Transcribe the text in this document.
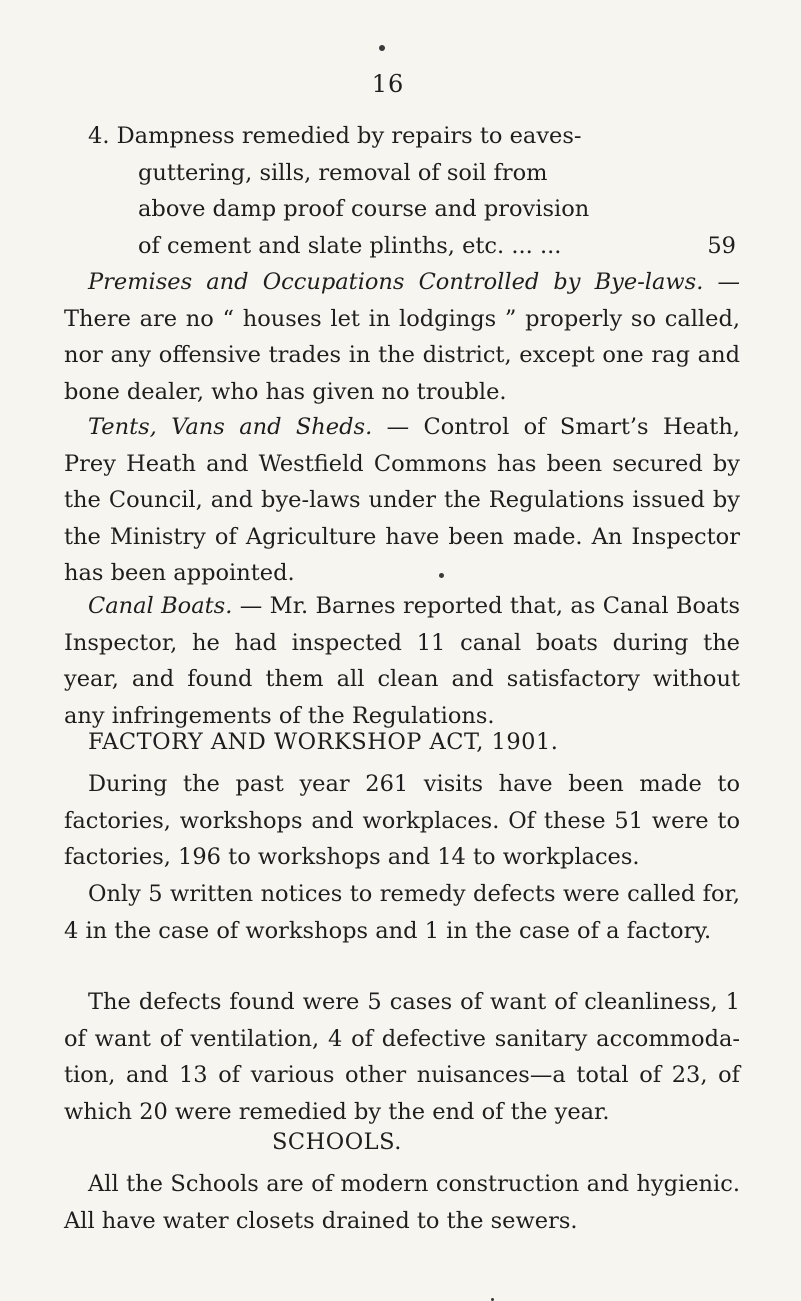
16
4. Dampness remedied by repairs to eaves-
guttering, sills, removal of soil from
above damp proof course and provision
of cement and slate plinths, etc. ... ...	59
Premises and Occupations Controlled by Bye-laws. — There are no “ houses let in lodgings ” properly so called, nor any offensive trades in the district, except one rag and bone dealer, who has given no trouble.
Tents, Vans and Sheds. — Control of Smart’s Heath, Prey Heath and Westfield Commons has been secured by the Council, and bye-laws under the Regulations issued by the Ministry of Agriculture have been made. An Inspector has been appointed.
Canal Boats. — Mr. Barnes reported that, as Canal Boats Inspector, he had inspected 11 canal boats during the year, and found them all clean and satisfactory without any infringements of the Regulations.
FACTORY AND WORKSHOP ACT, 1901.
During the past year 261 visits have been made to factories, workshops and workplaces. Of these 51 were to factories, 196 to workshops and 14 to workplaces.
Only 5 written notices to remedy defects were called for, 4 in the case of workshops and 1 in the case of a factory.
The defects found were 5 cases of want of cleanliness, 1 of want of ventilation, 4 of defective sanitary accommoda-tion, and 13 of various other nuisances—a total of 23, of which 20 were remedied by the end of the year.
SCHOOLS.
All the Schools are of modern construction and hygienic. All have water closets drained to the sewers.
